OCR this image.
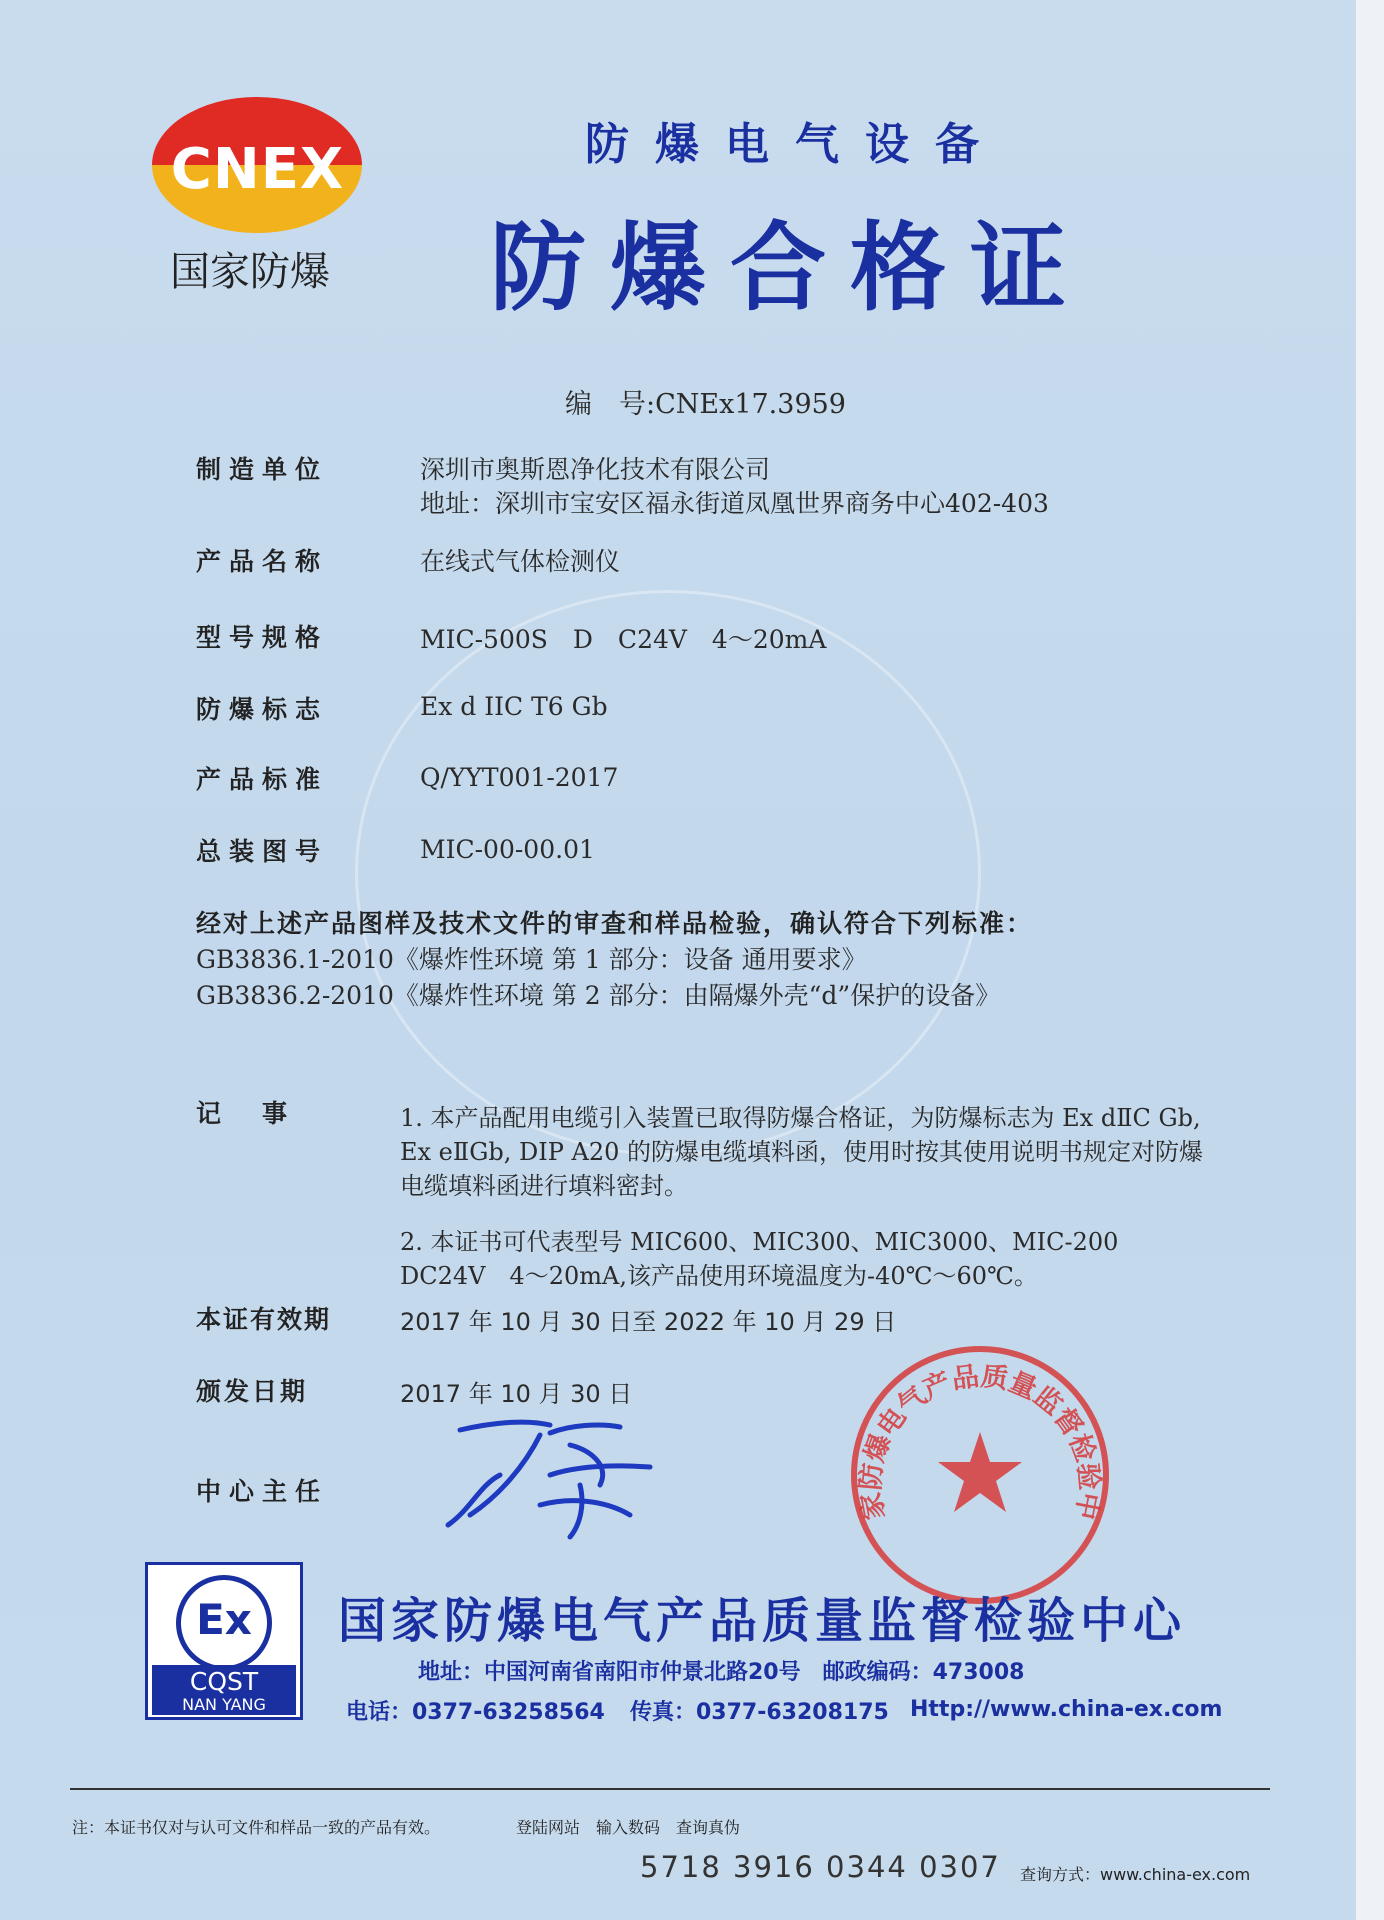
CNEX
国家防爆
防爆电气设备
防爆合格证
编　号:CNEx17.3959
制造单位	深圳市奥斯恩净化技术有限公司
地址：深圳市宝安区福永街道凤凰世界商务中心402-403
产品名称	在线式气体检测仪
型号规格	MIC-500S　D　C24V　4～20mA
防爆标志	Ex d IIC T6 Gb
产品标准	Q/YYT001-2017
总装图号	MIC-00-00.01
经对上述产品图样及技术文件的审查和样品检验，确认符合下列标准：
GB3836.1-2010《爆炸性环境 第 1 部分：设备 通用要求》
GB3836.2-2010《爆炸性环境 第 2 部分：由隔爆外壳“d”保护的设备》
记　事	1. 本产品配用电缆引入装置已取得防爆合格证，为防爆标志为 Ex dⅡC Gb,
Ex eⅡGb, DIP A20 的防爆电缆填料函，使用时按其使用说明书规定对防爆
电缆填料函进行填料密封。
2. 本证书可代表型号 MIC600、MIC300、MIC3000、MIC-200
DC24V　4～20mA,该产品使用环境温度为-40℃～60℃。
本证有效期	2017 年 10 月 30 日至 2022 年 10 月 29 日
颁发日期	2017 年 10 月 30 日
中心主任	家防爆电气产品质量监督检验中
Ex
CQST
NAN YANG
国家防爆电气产品质量监督检验中心
地址：中国河南省南阳市仲景北路20号　邮政编码：473008
电话：0377-63258564 传真：0377-63208175 Http://www.china-ex.com
注：本证书仅对与认可文件和样品一致的产品有效。	登陆网站　输入数码　查询真伪
5718 3916 0344 0307 查询方式：www.china-ex.com
